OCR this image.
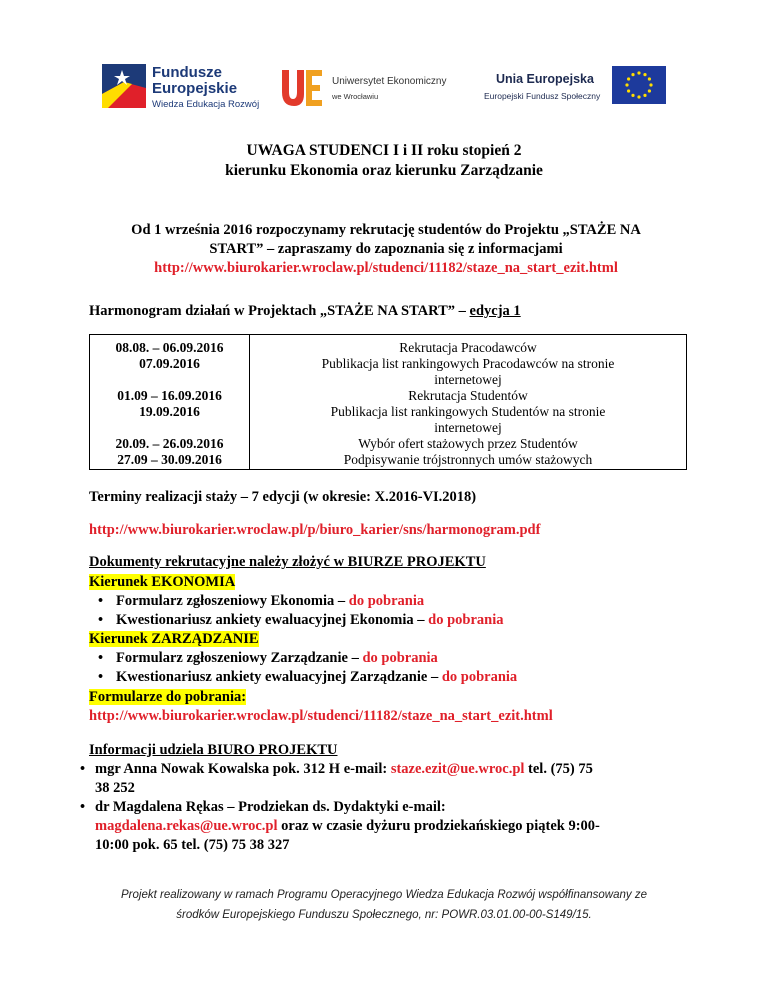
Fundusze
Europejskie
Wiedza Edukacja Rozwój
Uniwersytet Ekonomiczny
we Wrocławiu
Unia Europejska
Europejski Fundusz Społeczny
UWAGA STUDENCI I i II roku stopień 2
kierunku Ekonomia oraz kierunku Zarządzanie
Od 1 września 2016 rozpoczynamy rekrutację studentów do Projektu „STAŻE NA
START” – zapraszamy do zapoznania się z informacjami
http://www.biurokarier.wroclaw.pl/studenci/11182/staze_na_start_ezit.html
Harmonogram działań w Projektach „STAŻE NA START” – edycja 1
08.08. – 06.09.2016
07.09.2016
01.09 – 16.09.2016
19.09.2016
20.09. – 26.09.2016
27.09 – 30.09.2016
Rekrutacja Pracodawców
Publikacja list rankingowych Pracodawców na stronie
internetowej
Rekrutacja Studentów
Publikacja list rankingowych Studentów na stronie
internetowej
Wybór ofert stażowych przez Studentów
Podpisywanie trójstronnych umów stażowych
Terminy realizacji staży – 7 edycji (w okresie: X.2016-VI.2018)
http://www.biurokarier.wroclaw.pl/p/biuro_karier/sns/harmonogram.pdf
Dokumenty rekrutacyjne należy złożyć w BIURZE PROJEKTU
Kierunek EKONOMIA
• Formularz zgłoszeniowy Ekonomia – do pobrania
• Kwestionariusz ankiety ewaluacyjnej Ekonomia – do pobrania
Kierunek ZARZĄDZANIE
• Formularz zgłoszeniowy Zarządzanie – do pobrania
• Kwestionariusz ankiety ewaluacyjnej Zarządzanie – do pobrania
Formularze do pobrania:
http://www.biurokarier.wroclaw.pl/studenci/11182/staze_na_start_ezit.html
Informacji udziela BIURO PROJEKTU
• mgr Anna Nowak Kowalska pok. 312 H e-mail: staze.ezit@ue.wroc.pl tel. (75) 75
38 252
• dr Magdalena Rękas – Prodziekan ds. Dydaktyki e-mail:
magdalena.rekas@ue.wroc.pl oraz w czasie dyżuru prodziekańskiego piątek 9:00-
10:00 pok. 65 tel. (75) 75 38 327
Projekt realizowany w ramach Programu Operacyjnego Wiedza Edukacja Rozwój współfinansowany ze
środków Europejskiego Funduszu Społecznego, nr: POWR.03.01.00-00-S149/15.
